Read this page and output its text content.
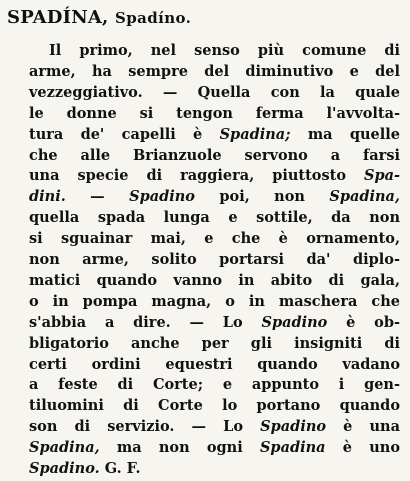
SPADÍNA, Spadíno.
Il primo, nel senso più comune di
arme, ha sempre del diminutivo e del
vezzeggiativo. — Quella con la quale
le donne si tengon ferma l'avvolta-
tura de' capelli è Spadina; ma quelle
che alle Brianzuole servono a farsi
una specie di raggiera, piuttosto Spa-
dini. — Spadino poi, non Spadina,
quella spada lunga e sottile, da non
si sguainar mai, e che è ornamento,
non arme, solito portarsi da' diplo-
matici quando vanno in abito di gala,
o in pompa magna, o in maschera che
s'abbia a dire. — Lo Spadino è ob-
bligatorio anche per gli insigniti di
certi ordini equestri quando vadano
a feste di Corte; e appunto i gen-
tiluomini di Corte lo portano quando
son di servizio. — Lo Spadino è una
Spadina, ma non ogni Spadina è uno
Spadino. G. F.
